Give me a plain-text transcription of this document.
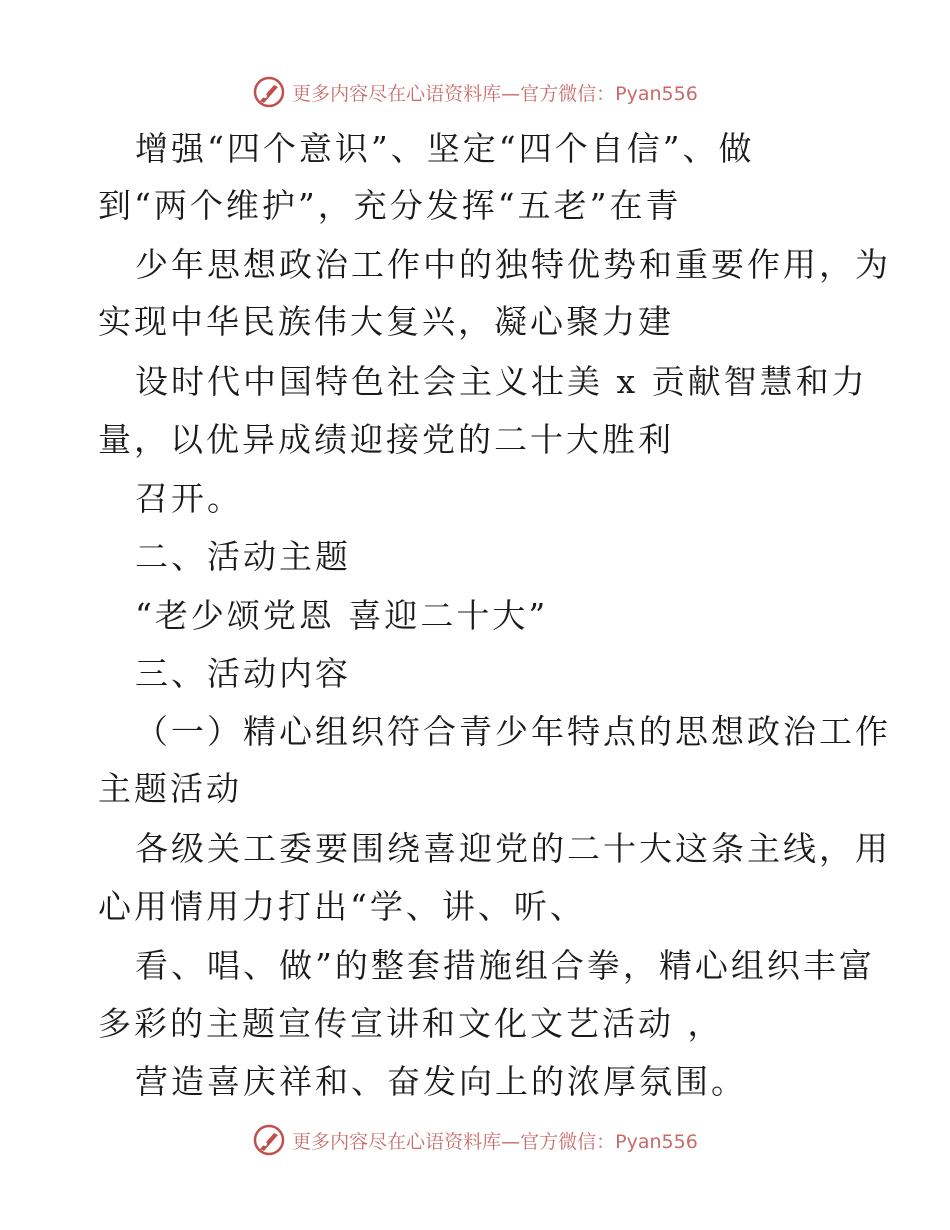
更多内容尽在心语资料库—官方微信：Pyan556
增强“四个意识”、坚定“四个自信”、做
到“两个维护”，充分发挥“五老”在青
少年思想政治工作中的独特优势和重要作用，为
实现中华民族伟大复兴，凝心聚力建
设时代中国特色社会主义壮美 x 贡献智慧和力
量，以优异成绩迎接党的二十大胜利
召开。
二、活动主题
“老少颂党恩 喜迎二十大”
三、活动内容
（一）精心组织符合青少年特点的思想政治工作
主题活动
各级关工委要围绕喜迎党的二十大这条主线，用
心用情用力打出“学、讲、听、
看、唱、做”的整套措施组合拳，精心组织丰富
多彩的主题宣传宣讲和文化文艺活动 ，
营造喜庆祥和、奋发向上的浓厚氛围。
更多内容尽在心语资料库—官方微信：Pyan556
